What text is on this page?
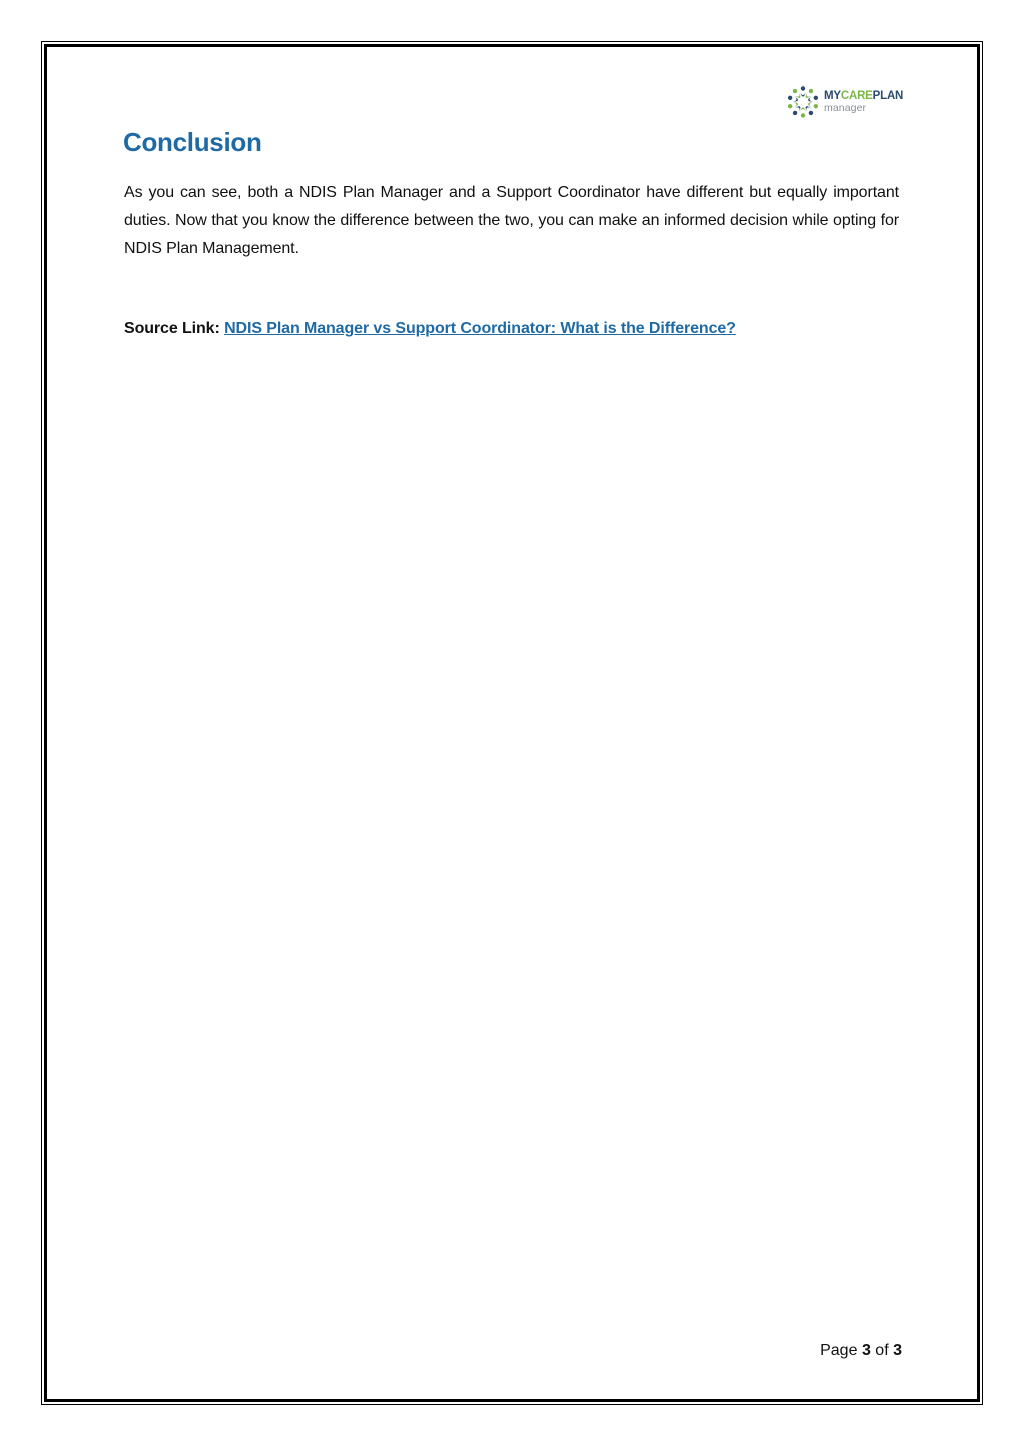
MYCAREPLAN
manager
Conclusion

As you can see, both a NDIS Plan Manager and a Support Coordinator have different but equally important duties. Now that you know the difference between the two, you can make an informed decision while opting for NDIS Plan Management.

Source Link: NDIS Plan Manager vs Support Coordinator: What is the Difference?

Page 3 of 3
